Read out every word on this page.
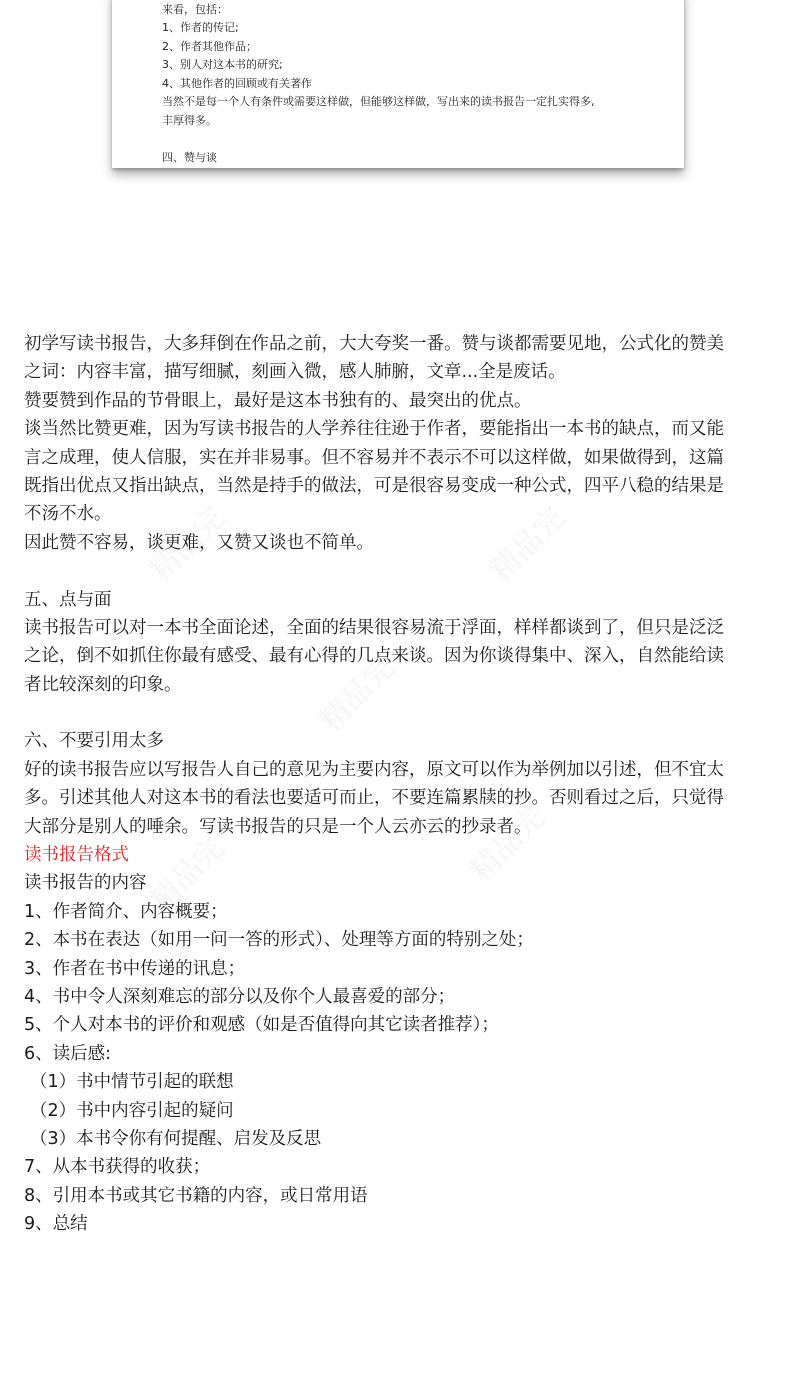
来看，包括：
1、作者的传记;
2、作者其他作品；
3、别人对这本书的研究;
4、其他作者的回顾或有关著作
当然不是每一个人有条件或需要这样做，但能够这样做，写出来的读书报告一定扎实得多,
丰厚得多。
四、赞与谈
初学写读书报告，大多拜倒在作品之前，大大夸奖一番。赞与谈都需要见地，公式化的赞美
之词：内容丰富，描写细腻，刻画入微，感人肺腑，文章...全是废话。
赞要赞到作品的节骨眼上，最好是这本书独有的、最突出的优点。
谈当然比赞更难，因为写读书报告的人学养往往逊于作者，要能指出一本书的缺点，而又能
言之成理，使人信服，实在并非易事。但不容易并不表示不可以这样做，如果做得到，这篇
既指出优点又指出缺点，当然是持手的做法，可是很容易变成一种公式，四平八稳的结果是
不汤不水。
因此赞不容易，谈更难，又赞又谈也不简单。
五、点与面
读书报告可以对一本书全面论述，全面的结果很容易流于浮面，样样都谈到了，但只是泛泛
之论，倒不如抓住你最有感受、最有心得的几点来谈。因为你谈得集中、深入，自然能给读
者比较深刻的印象。
六、不要引用太多
好的读书报告应以写报告人自己的意见为主要内容，原文可以作为举例加以引述，但不宜太
多。引述其他人对这本书的看法也要适可而止，不要连篇累牍的抄。否则看过之后，只觉得
大部分是别人的唾余。写读书报告的只是一个人云亦云的抄录者。
读书报告格式
读书报告的内容
1、作者简介、内容概要；
2、本书在表达（如用一问一答的形式）、处理等方面的特别之处；
3、作者在书中传递的讯息；
4、书中令人深刻难忘的部分以及你个人最喜爱的部分；
5、个人对本书的评价和观感（如是否值得向其它读者推荐）；
6、读后感:
（1）书中情节引起的联想
（2）书中内容引起的疑问
（3）本书令你有何提醒、启发及反思
7、从本书获得的收获；
8、引用本书或其它书籍的内容，或日常用语
9、总结
